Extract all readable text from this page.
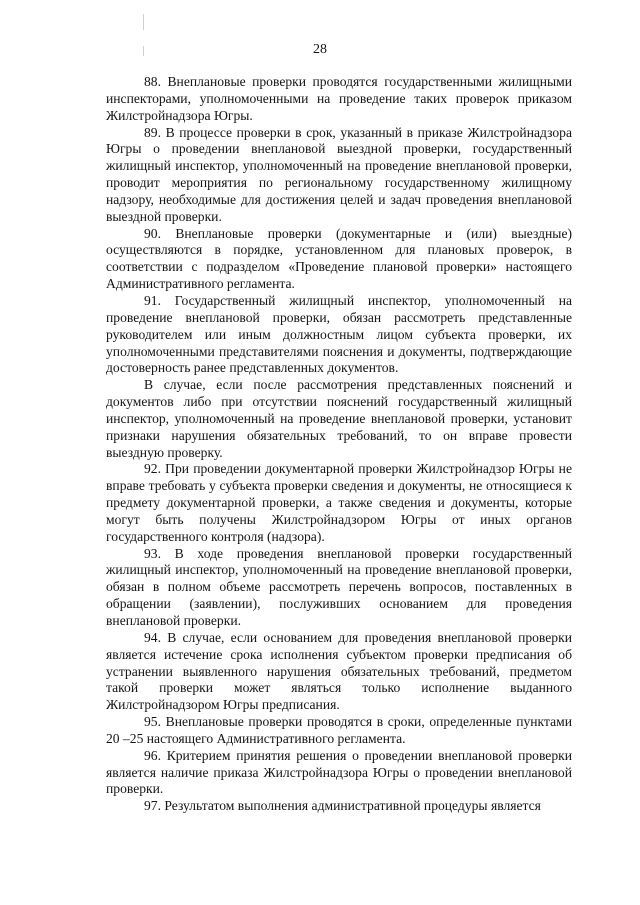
28

88. Внеплановые проверки проводятся государственными жилищными инспекторами, уполномоченными на проведение таких проверок приказом Жилстройнадзора Югры.

89. В процессе проверки в срок, указанный в приказе Жилстройнадзора Югры о проведении внеплановой выездной проверки, государственный жилищный инспектор, уполномоченный на проведение внеплановой проверки, проводит мероприятия по региональному государственному жилищному надзору, необходимые для достижения целей и задач проведения внеплановой выездной проверки.

90. Внеплановые проверки (документарные и (или) выездные) осуществляются в порядке, установленном для плановых проверок, в соответствии с подразделом «Проведение плановой проверки» настоящего Административного регламента.

91. Государственный жилищный инспектор, уполномоченный на проведение внеплановой проверки, обязан рассмотреть представленные руководителем или иным должностным лицом субъекта проверки, их уполномоченными представителями пояснения и документы, подтверждающие достоверность ранее представленных документов.

В случае, если после рассмотрения представленных пояснений и документов либо при отсутствии пояснений государственный жилищный инспектор, уполномоченный на проведение внеплановой проверки, установит признаки нарушения обязательных требований, то он вправе провести выездную проверку.

92. При проведении документарной проверки Жилстройнадзор Югры не вправе требовать у субъекта проверки сведения и документы, не относящиеся к предмету документарной проверки, а также сведения и документы, которые могут быть получены Жилстройнадзором Югры от иных органов государственного контроля (надзора).

93. В ходе проведения внеплановой проверки государственный жилищный инспектор, уполномоченный на проведение внеплановой проверки, обязан в полном объеме рассмотреть перечень вопросов, поставленных в обращении (заявлении), послуживших основанием для проведения внеплановой проверки.

94. В случае, если основанием для проведения внеплановой проверки является истечение срока исполнения субъектом проверки предписания об устранении выявленного нарушения обязательных требований, предметом такой проверки может являться только исполнение выданного Жилстройнадзором Югры предписания.

95. Внеплановые проверки проводятся в сроки, определенные пунктами 20 –25 настоящего Административного регламента.

96. Критерием принятия решения о проведении внеплановой проверки является наличие приказа Жилстройнадзора Югры о проведении внеплановой проверки.

97. Результатом выполнения административной процедуры является
